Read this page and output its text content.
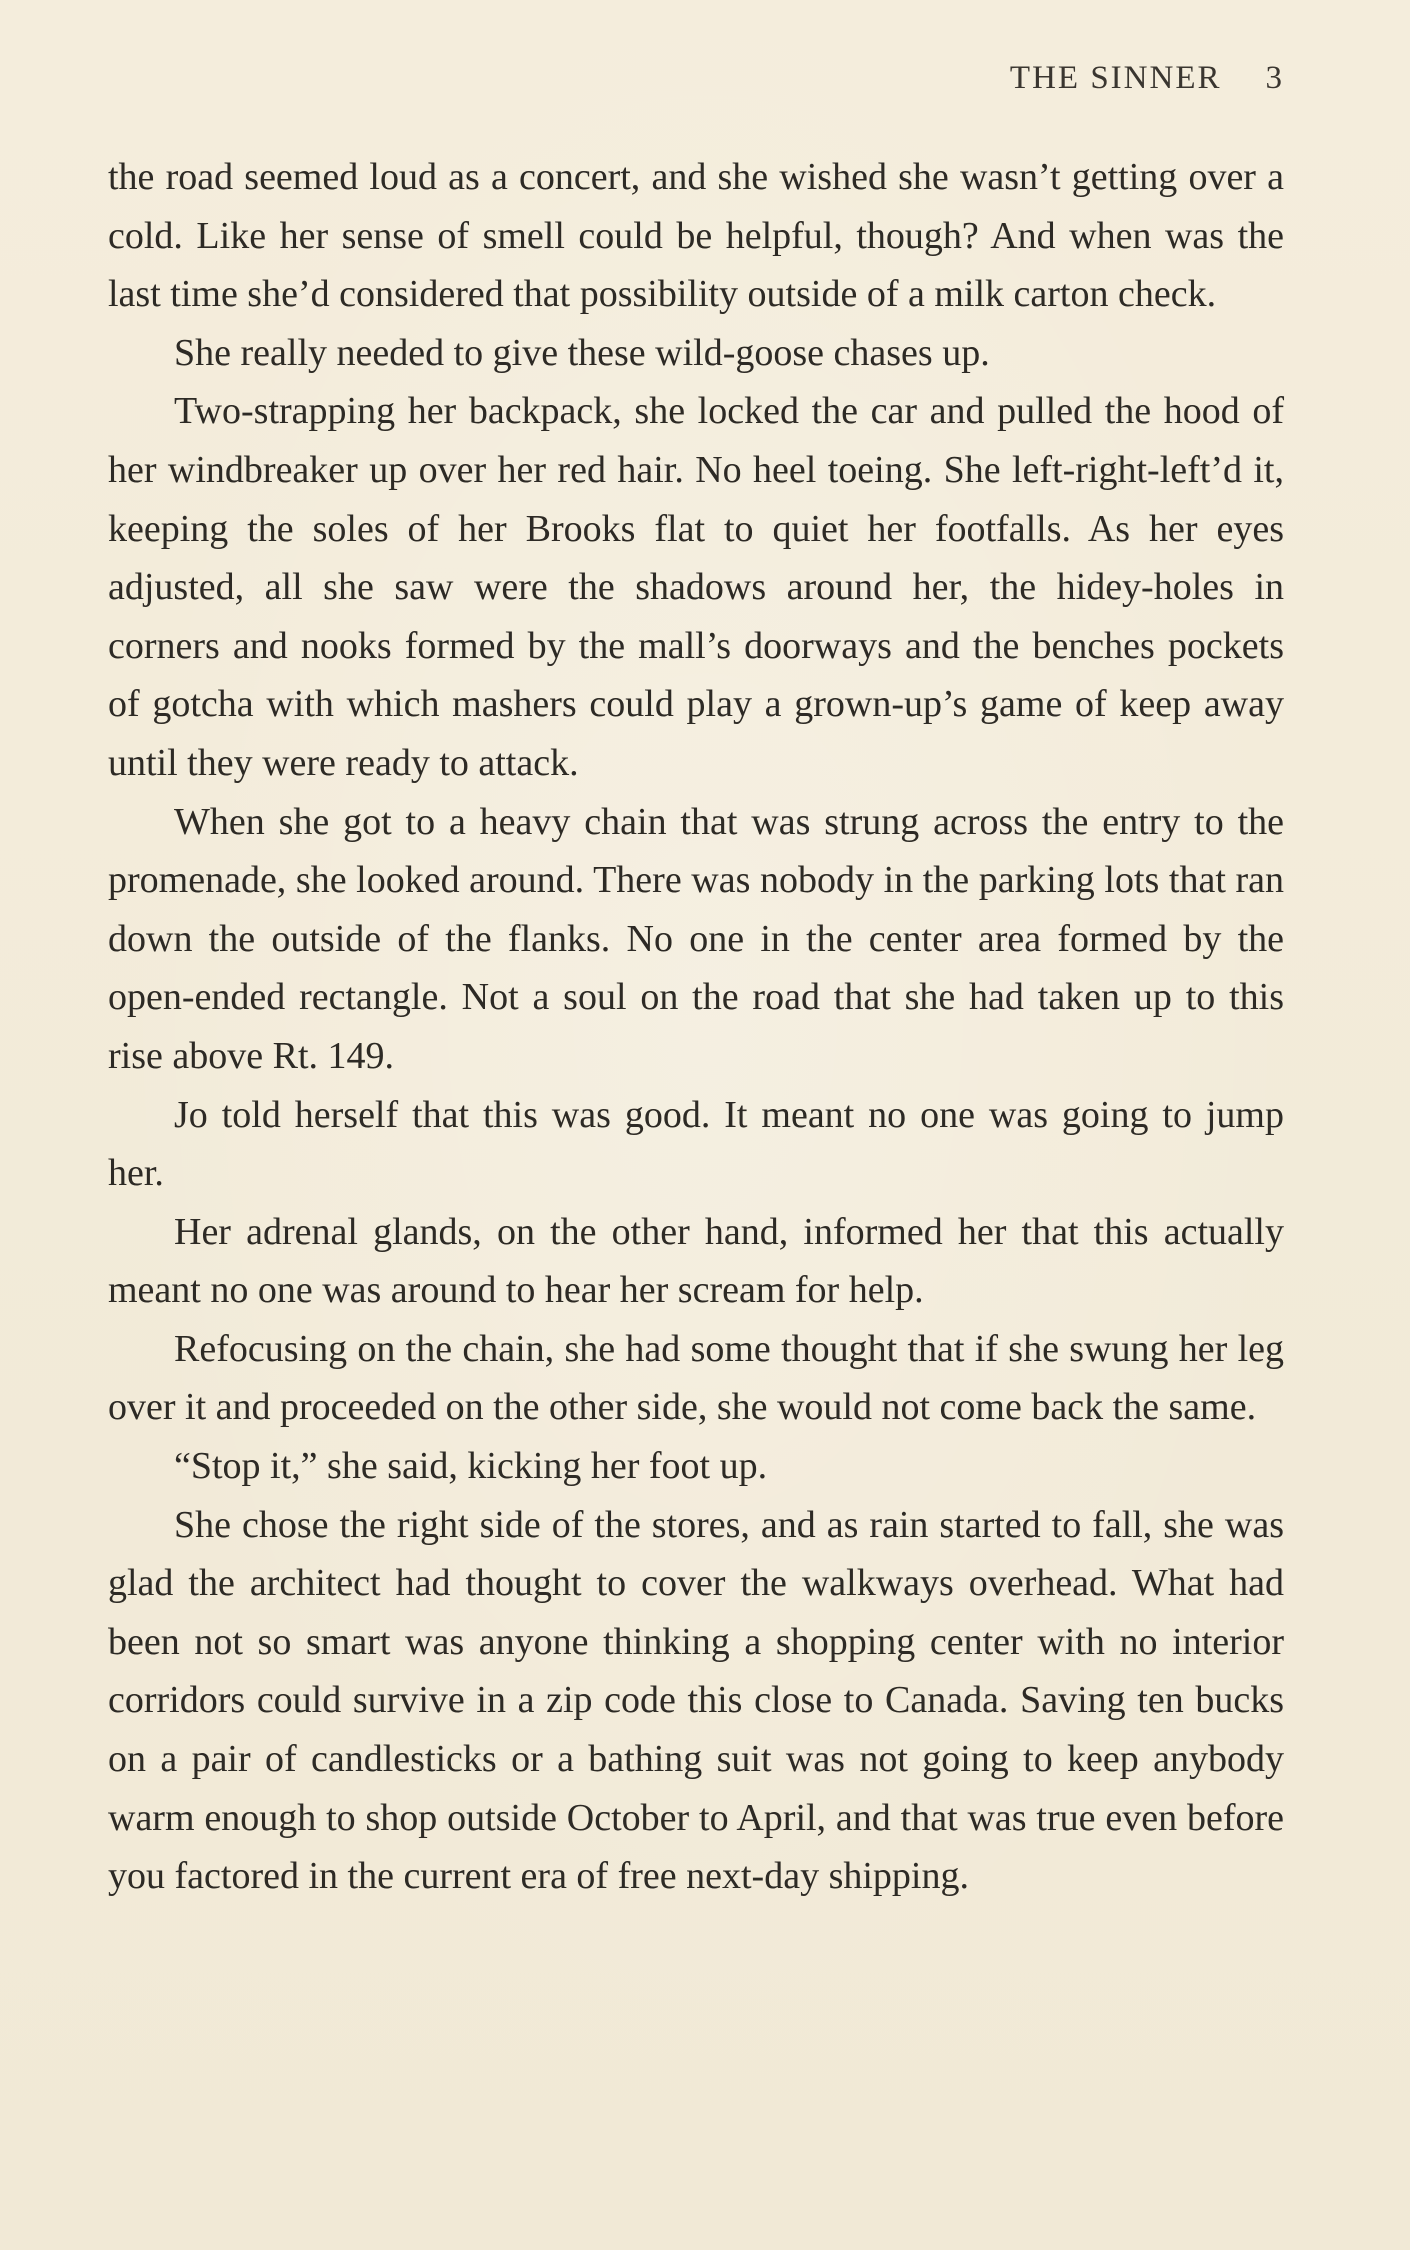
THE SINNER 3

the road seemed loud as a concert, and she wished she wasn’t getting over a cold. Like her sense of smell could be helpful, though? And when was the last time she’d considered that possibility outside of a milk carton check.

She really needed to give these wild-goose chases up.

Two-strapping her backpack, she locked the car and pulled the hood of her windbreaker up over her red hair. No heel toeing. She left-right-left’d it, keeping the soles of her Brooks flat to quiet her footfalls. As her eyes adjusted, all she saw were the shadows around her, the hidey-holes in corners and nooks formed by the mall’s doorways and the benches pockets of gotcha with which mashers could play a grown-up’s game of keep away until they were ready to attack.

When she got to a heavy chain that was strung across the entry to the promenade, she looked around. There was nobody in the parking lots that ran down the outside of the flanks. No one in the center area formed by the open-ended rectangle. Not a soul on the road that she had taken up to this rise above Rt. 149.

Jo told herself that this was good. It meant no one was going to jump her.

Her adrenal glands, on the other hand, informed her that this actually meant no one was around to hear her scream for help.

Refocusing on the chain, she had some thought that if she swung her leg over it and proceeded on the other side, she would not come back the same.

“Stop it,” she said, kicking her foot up.

She chose the right side of the stores, and as rain started to fall, she was glad the architect had thought to cover the walkways overhead. What had been not so smart was anyone thinking a shopping center with no interior corridors could survive in a zip code this close to Canada. Saving ten bucks on a pair of candlesticks or a bathing suit was not going to keep anybody warm enough to shop outside October to April, and that was true even before you factored in the current era of free next-day shipping.
